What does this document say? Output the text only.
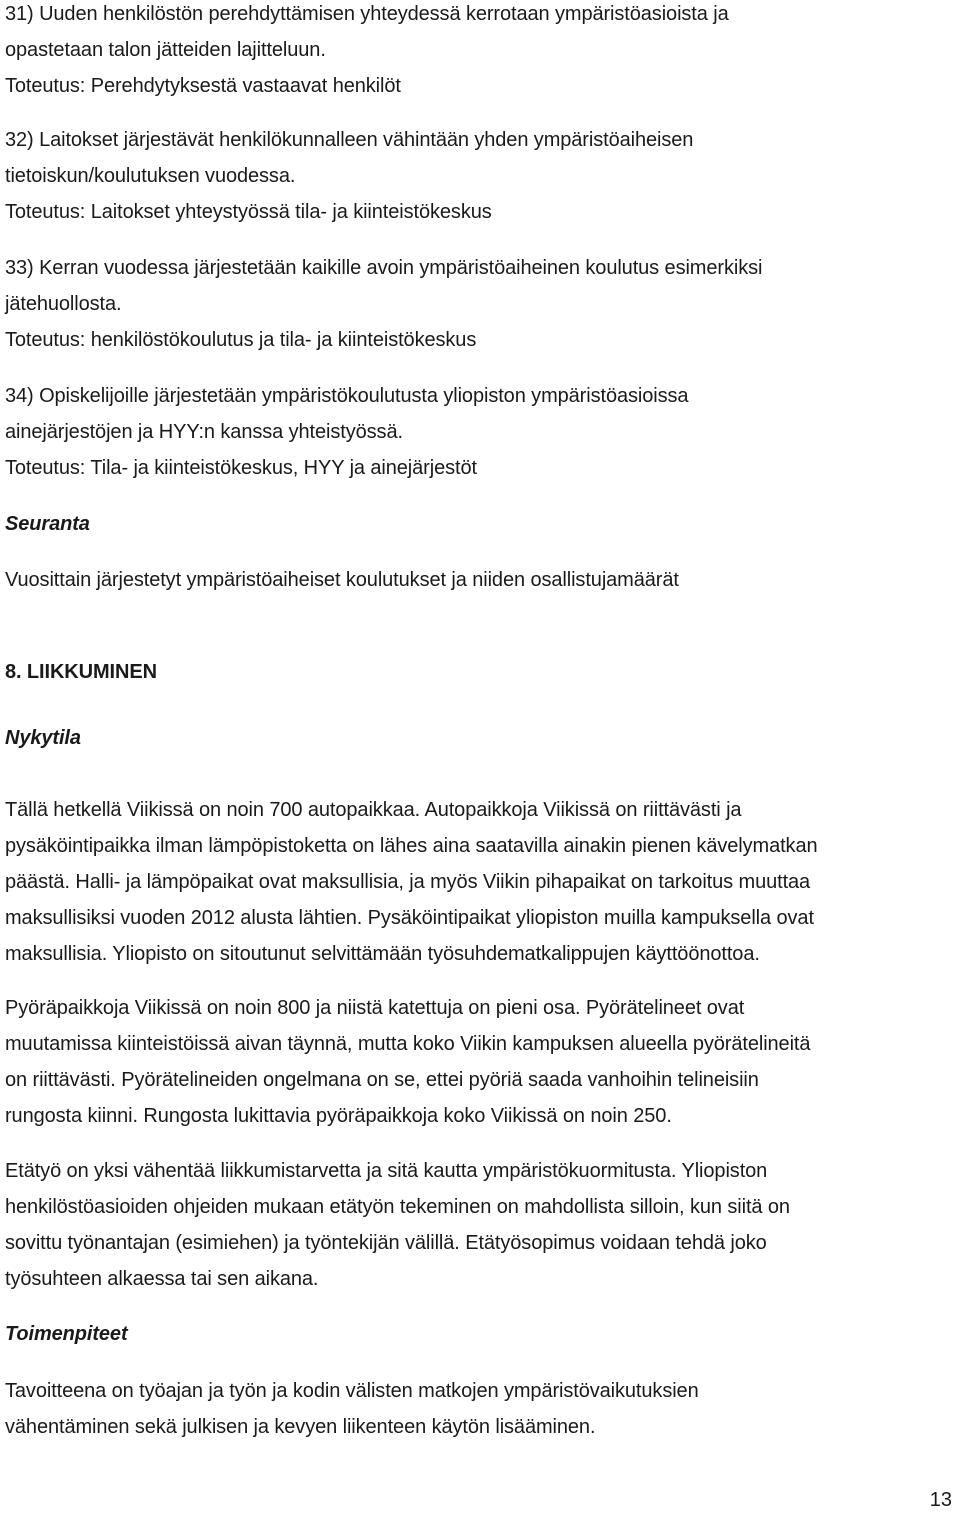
31) Uuden henkilöstön perehdyttämisen yhteydessä kerrotaan ympäristöasioista ja
opastetaan talon jätteiden lajitteluun.
Toteutus: Perehdytyksestä vastaavat henkilöt
32) Laitokset järjestävät henkilökunnalleen vähintään yhden ympäristöaiheisen
tietoiskun/koulutuksen vuodessa.
Toteutus: Laitokset yhteystyössä tila- ja kiinteistökeskus
33) Kerran vuodessa järjestetään kaikille avoin ympäristöaiheinen koulutus esimerkiksi
jätehuollosta.
Toteutus: henkilöstökoulutus ja tila- ja kiinteistökeskus
34) Opiskelijoille järjestetään ympäristökoulutusta yliopiston ympäristöasioissa
ainejärjestöjen ja HYY:n kanssa yhteistyössä.
Toteutus: Tila- ja kiinteistökeskus, HYY ja ainejärjestöt
Seuranta
Vuosittain järjestetyt ympäristöaiheiset koulutukset ja niiden osallistujamäärät
8. LIIKKUMINEN
Nykytila
Tällä hetkellä Viikissä on noin 700 autopaikkaa. Autopaikkoja Viikissä on riittävästi ja
pysäköintipaikka ilman lämpöpistoketta on lähes aina saatavilla ainakin pienen kävelymatkan
päästä. Halli- ja lämpöpaikat ovat maksullisia, ja myös Viikin pihapaikat on tarkoitus muuttaa
maksullisiksi vuoden 2012 alusta lähtien. Pysäköintipaikat yliopiston muilla kampuksella ovat
maksullisia. Yliopisto on sitoutunut selvittämään työsuhdematkalippujen käyttöönottoa.
Pyöräpaikkoja Viikissä on noin 800 ja niistä katettuja on pieni osa. Pyörätelineet ovat
muutamissa kiinteistöissä aivan täynnä, mutta koko Viikin kampuksen alueella pyörätelineitä
on riittävästi. Pyörätelineiden ongelmana on se, ettei pyöriä saada vanhoihin telineisiin
rungosta kiinni. Rungosta lukittavia pyöräpaikkoja koko Viikissä on noin 250.
Etätyö on yksi vähentää liikkumistarvetta ja sitä kautta ympäristökuormitusta. Yliopiston
henkilöstöasioiden ohjeiden mukaan etätyön tekeminen on mahdollista silloin, kun siitä on
sovittu työnantajan (esimiehen) ja työntekijän välillä. Etätyösopimus voidaan tehdä joko
työsuhteen alkaessa tai sen aikana.
Toimenpiteet
Tavoitteena on työajan ja työn ja kodin välisten matkojen ympäristövaikutuksien
vähentäminen sekä julkisen ja kevyen liikenteen käytön lisääminen.
13
